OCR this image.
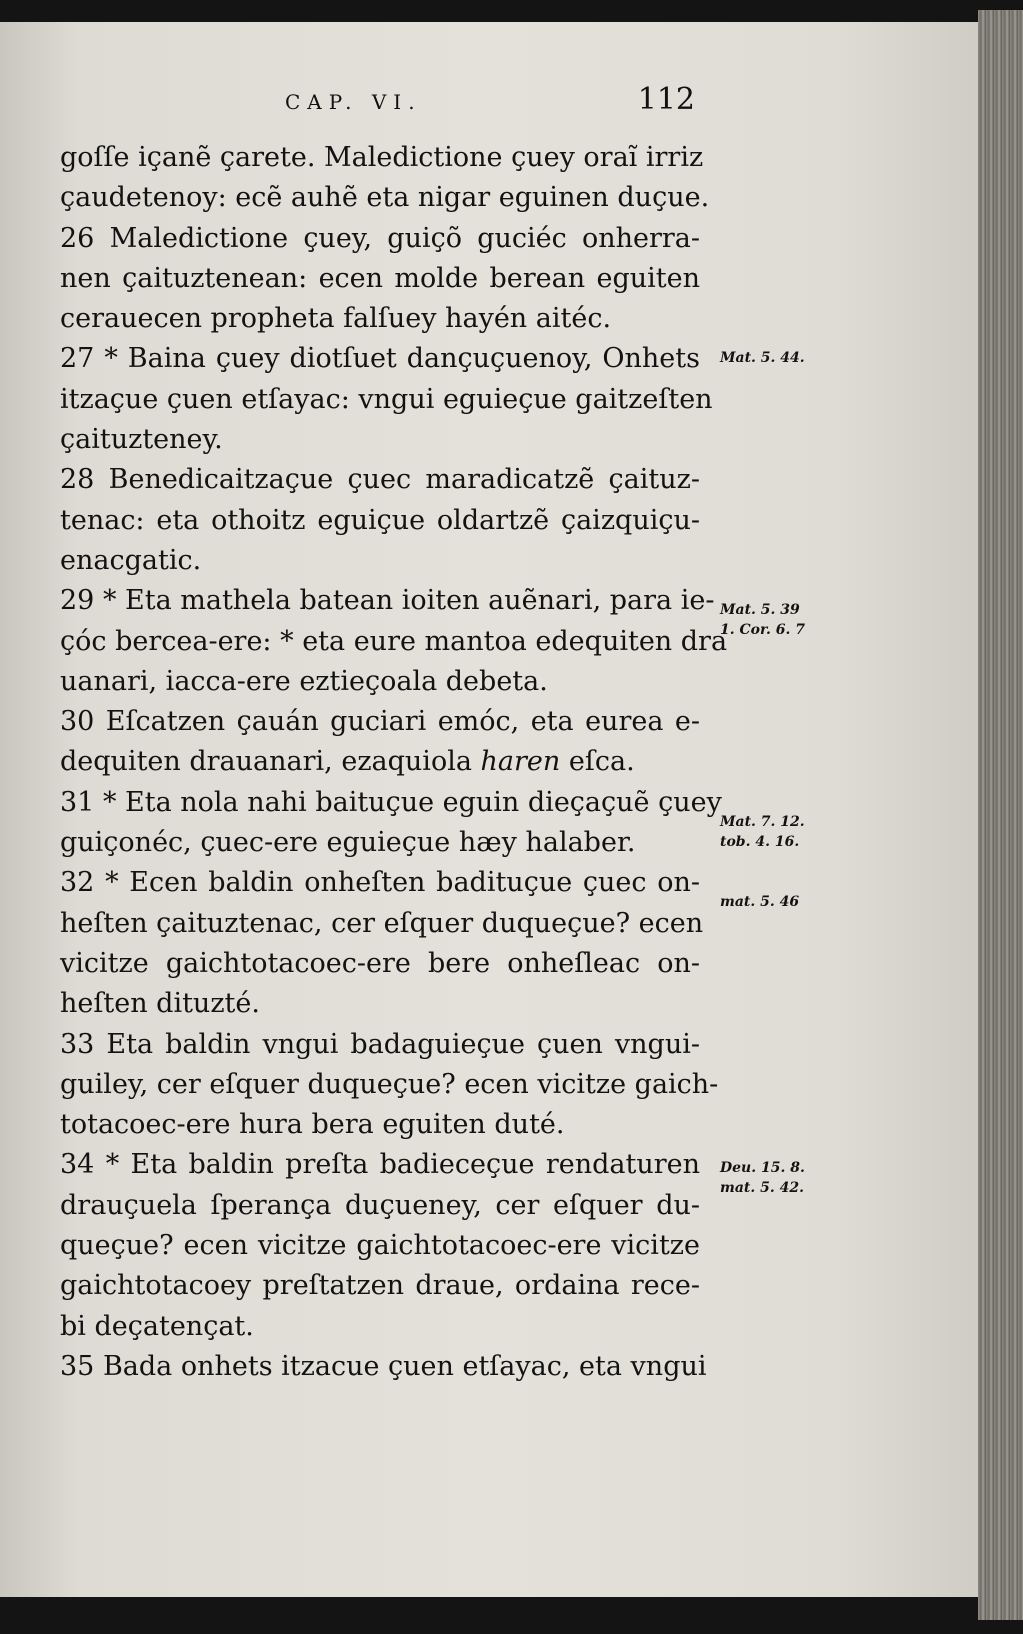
CAP. VI.	112
goſſe içanẽ çarete. Maledictione çuey oraĩ irriz
çaudetenoy: ecẽ auhẽ eta nigar eguinen duçue.
26 Maledictione çuey, guiçõ guciéc onherra-
nen çaituztenean: ecen molde berean eguiten
cerauecen propheta falſuey hayén aitéc.
27 * Baina çuey diotſuet dançuçuenoy, Onhets
itzaçue çuen etſayac: vngui eguieçue gaitzeſten
çaituzteney.
28 Benedicaitzaçue çuec maradicatzẽ çaituz-
tenac: eta othoitz eguiçue oldartzẽ çaizquiçu-
enacgatic.
29 * Eta mathela batean ioiten auẽnari, para ie-
çóc bercea-ere: * eta eure mantoa edequiten dra
uanari, iacca-ere eztieçoala debeta.
30 Eſcatzen çauán guciari emóc, eta eurea e-
dequiten drauanari, ezaquiola haren eſca.
31 * Eta nola nahi baituçue eguin dieçaçuẽ çuey
guiçonéc, çuec-ere eguieçue hæy halaber.
32 * Ecen baldin onheſten badituçue çuec on-
heſten çaituztenac, cer eſquer duqueçue? ecen
vicitze gaichtotacoec-ere bere onheſleac on-
heſten dituzté.
33 Eta baldin vngui badaguieçue çuen vngui-
guiley, cer eſquer duqueçue? ecen vicitze gaich-
totacoec-ere hura bera eguiten duté.
34 * Eta baldin preſta badieceçue rendaturen
drauçuela ſperança duçueney, cer eſquer du-
queçue? ecen vicitze gaichtotacoec-ere vicitze
gaichtotacoey preſtatzen draue, ordaina rece-
bi deçatençat.
35 Bada onhets itzacue çuen etſayac, eta vngui
Mat. 5. 44.
Mat. 5. 39
1. Cor. 6. 7
Mat. 7. 12.
tob. 4. 16.
mat. 5. 46
Deu. 15. 8.
mat. 5. 42.
